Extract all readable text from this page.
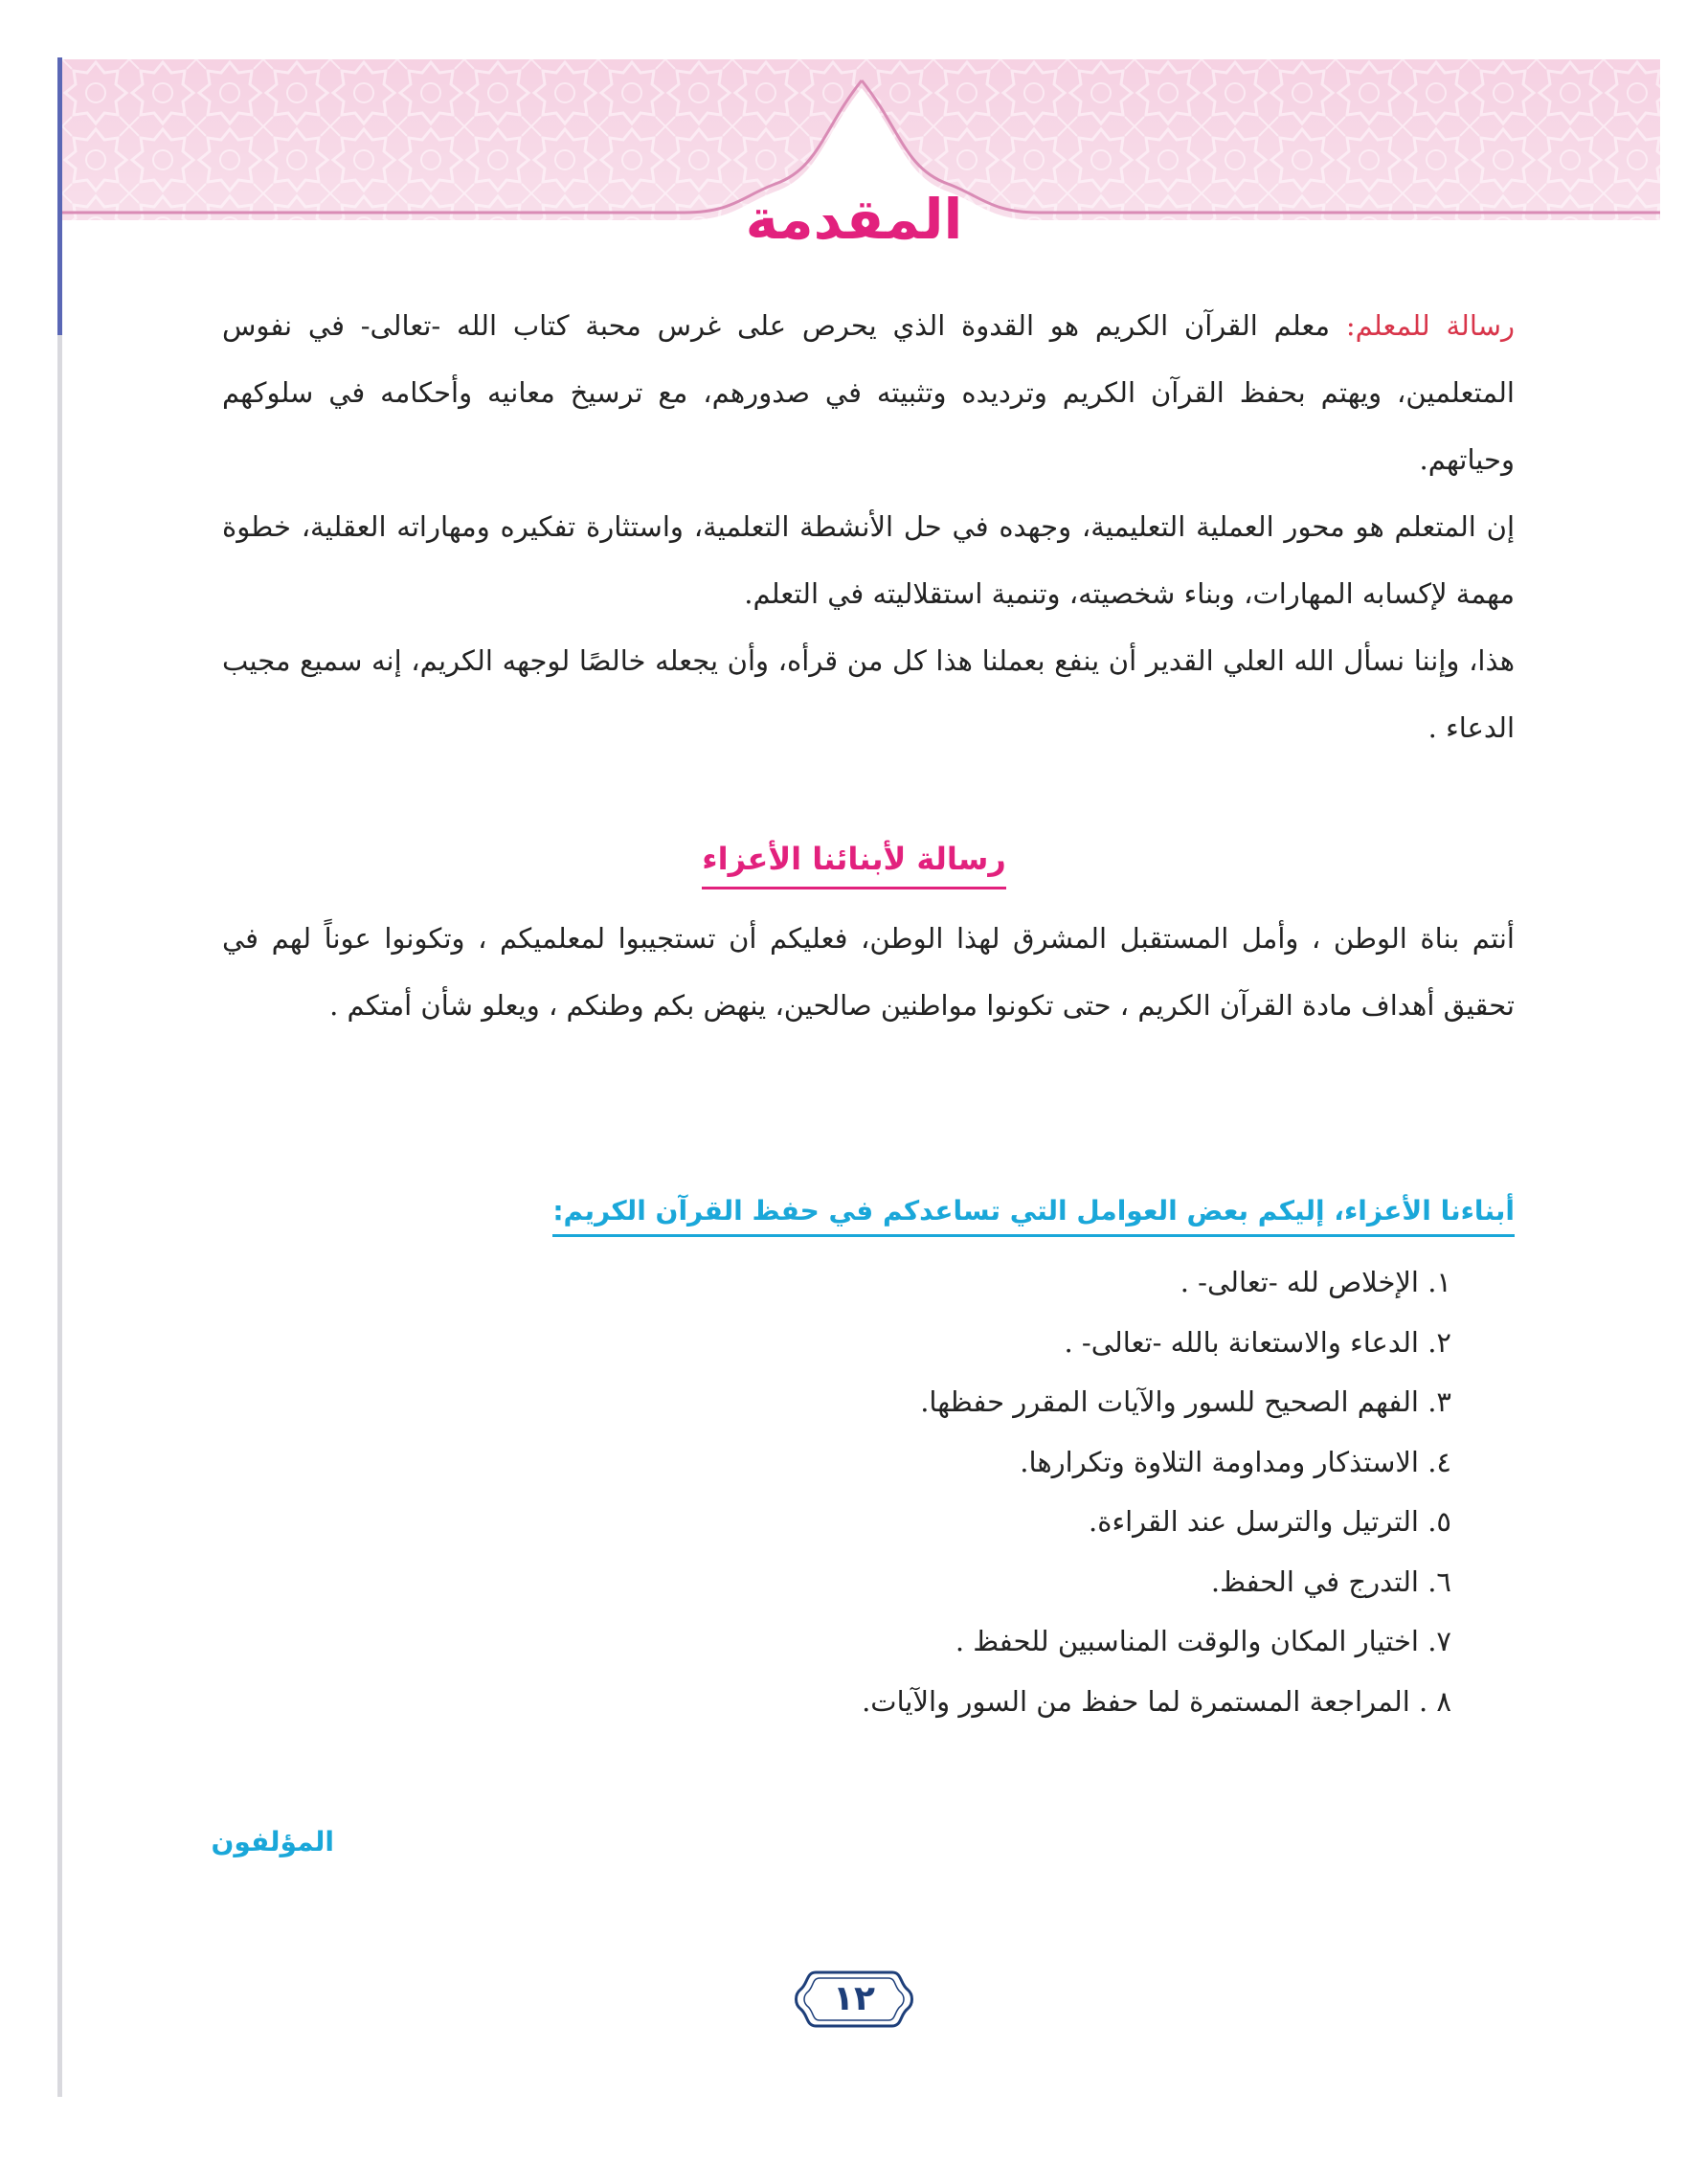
المقدمة
رسالة للمعلم: معلم القرآن الكريم هو القدوة الذي يحرص على غرس محبة كتاب الله -تعالى- في نفوس المتعلمين، ويهتم بحفظ القرآن الكريم وترديده وتثبيته في صدورهم، مع ترسيخ معانيه وأحكامه في سلوكهم وحياتهم.
إن المتعلم هو محور العملية التعليمية، وجهده في حل الأنشطة التعلمية، واستثارة تفكيره ومهاراته العقلية، خطوة مهمة لإكسابه المهارات، وبناء شخصيته، وتنمية استقلاليته في التعلم.
هذا، وإننا نسأل الله العلي القدير أن ينفع بعملنا هذا كل من قرأه، وأن يجعله خالصًا لوجهه الكريم، إنه سميع مجيب الدعاء .
رسالة لأبنائنا الأعزاء
أنتم بناة الوطن ، وأمل المستقبل المشرق لهذا الوطن، فعليكم أن تستجيبوا لمعلميكم ، وتكونوا عوناً لهم في تحقيق أهداف مادة القرآن الكريم ، حتى تكونوا مواطنين صالحين، ينهض بكم وطنكم ، ويعلو شأن أمتكم .
أبناءنا الأعزاء، إليكم بعض العوامل التي تساعدكم في حفظ القرآن الكريم:
١. الإخلاص لله -تعالى- .
٢. الدعاء والاستعانة بالله -تعالى- .
٣. الفهم الصحيح للسور والآيات المقرر حفظها.
٤. الاستذكار ومداومة التلاوة وتكرارها.
٥. الترتيل والترسل عند القراءة.
٦. التدرج في الحفظ.
٧. اختيار المكان والوقت المناسبين للحفظ .
٨ . المراجعة المستمرة لما حفظ من السور والآيات.
المؤلفون
١٢
